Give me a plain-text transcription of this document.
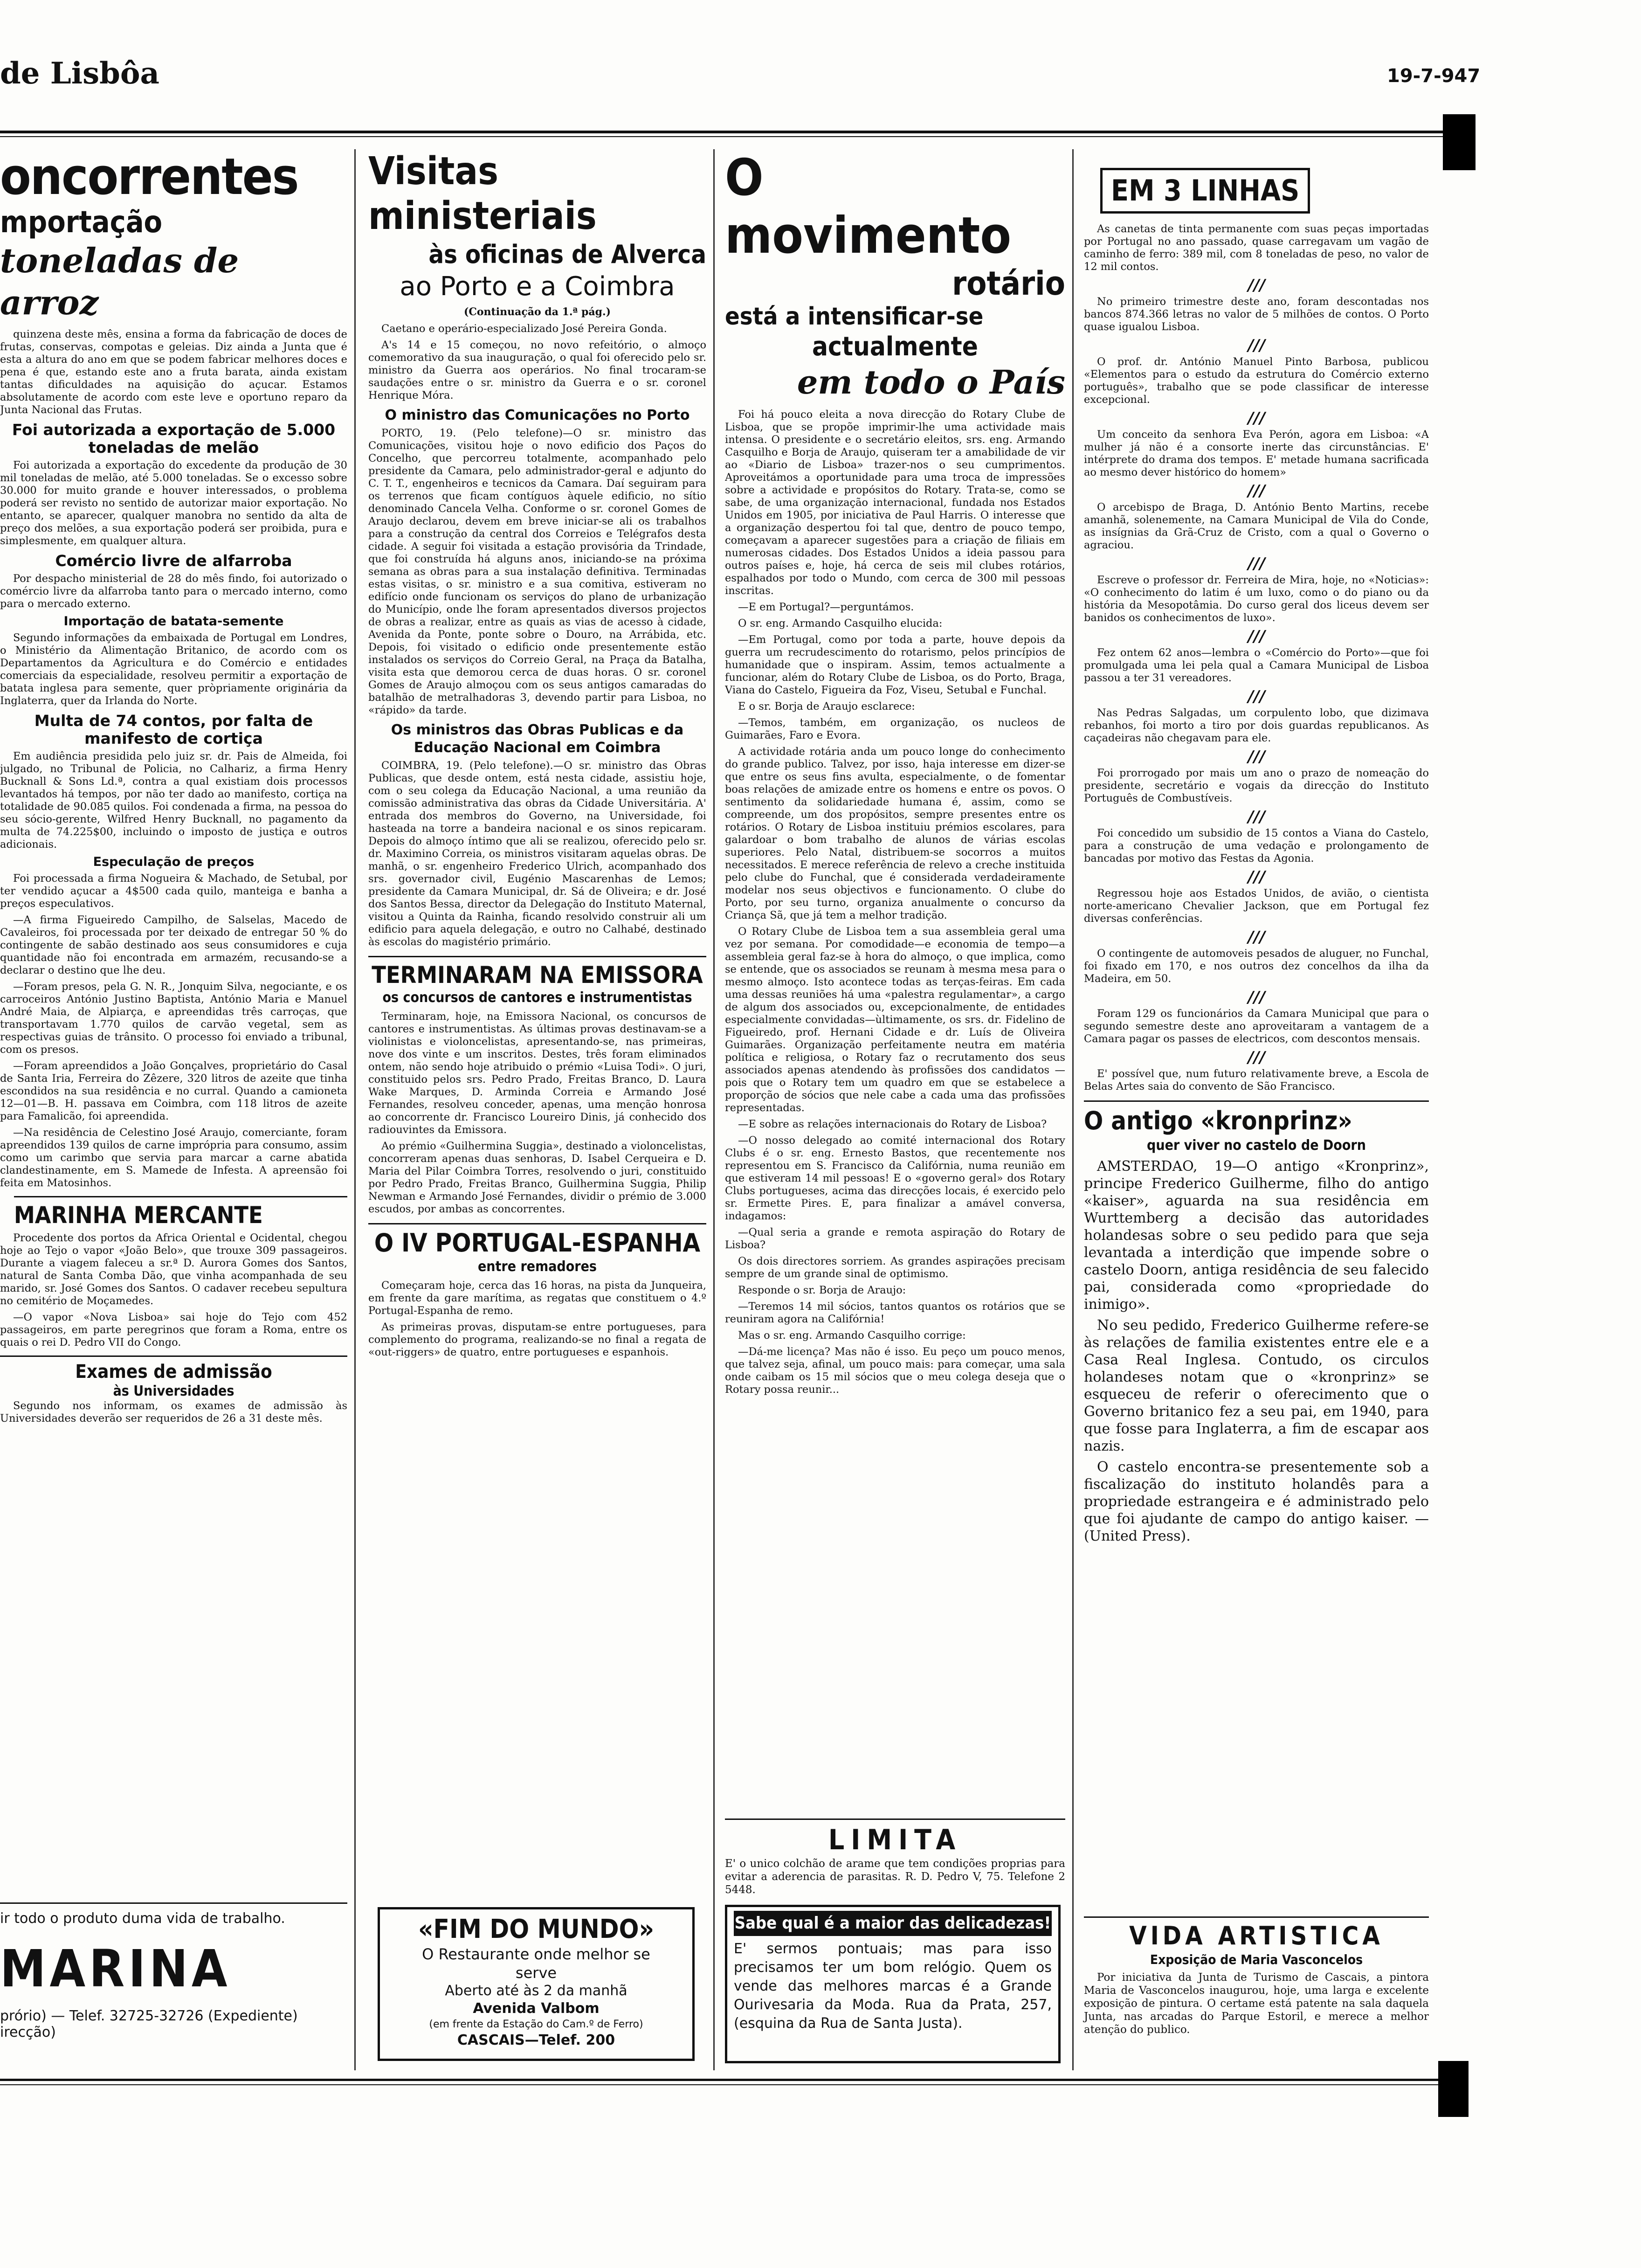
de Lisbôa	19-7-947
oncorrentes
mportação
toneladas de arroz

quinzena deste mês, ensina a forma da fabricação de doces de frutas, conservas, compotas e geleias. Diz ainda a Junta que é esta a altura do ano em que se podem fabricar melhores doces e pena é que, estando este ano a fruta barata, ainda existam tantas dificuldades na aquisição do açucar. Estamos absolutamente de acordo com este leve e oportuno reparo da Junta Nacional das Frutas.

Foi autorizada a exportação de 5.000 toneladas de melão

Foi autorizada a exportação do excedente da produção de 30 mil toneladas de melão, até 5.000 toneladas. Se o excesso sobre 30.000 for muito grande e houver interessados, o problema poderá ser revisto no sentido de autorizar maior exportação. No entanto, se aparecer, qualquer manobra no sentido da alta de preço dos melões, a sua exportação poderá ser proibida, pura e simplesmente, em qualquer altura.

Comércio livre de alfarroba

Por despacho ministerial de 28 do mês findo, foi autorizado o comércio livre da alfarroba tanto para o mercado interno, como para o mercado externo.

Importação de batata-semente

Segundo informações da embaixada de Portugal em Londres, o Ministério da Alimentação Britanico, de acordo com os Departamentos da Agricultura e do Comércio e entidades comerciais da especialidade, resolveu permitir a exportação de batata inglesa para semente, quer pròpriamente originária da Inglaterra, quer da Irlanda do Norte.

Multa de 74 contos, por falta de manifesto de cortiça

Em audiência presidida pelo juiz sr. dr. Pais de Almeida, foi julgado, no Tribunal de Policia, no Calhariz, a firma Henry Bucknall & Sons Ld.ª, contra a qual existiam dois processos levantados há tempos, por não ter dado ao manifesto, cortiça na totalidade de 90.085 quilos. Foi condenada a firma, na pessoa do seu sócio-gerente, Wilfred Henry Bucknall, no pagamento da multa de 74.225$00, incluindo o imposto de justiça e outros adicionais.

Especulação de preços

Foi processada a firma Nogueira & Machado, de Setubal, por ter vendido açucar a 4$500 cada quilo, manteiga e banha a preços especulativos.

—A firma Figueiredo Campilho, de Salselas, Macedo de Cavaleiros, foi processada por ter deixado de entregar 50 % do contingente de sabão destinado aos seus consumidores e cuja quantidade não foi encontrada em armazém, recusando-se a declarar o destino que lhe deu.

—Foram presos, pela G. N. R., Jonquim Silva, negociante, e os carroceiros António Justino Baptista, António Maria e Manuel André Maia, de Alpiarça, e apreendidas três carroças, que transportavam 1.770 quilos de carvão vegetal, sem as respectivas guias de trânsito. O processo foi enviado a tribunal, com os presos.

—Foram apreendidos a João Gonçalves, proprietário do Casal de Santa Iria, Ferreira do Zêzere, 320 litros de azeite que tinha escondidos na sua residência e no curral. Quando a camioneta 12—01—B. H. passava em Coimbra, com 118 litros de azeite para Famalicão, foi apreendida.

—Na residência de Celestino José Araujo, comerciante, foram apreendidos 139 quilos de carne imprópria para consumo, assim como um carimbo que servia para marcar a carne abatida clandestinamente, em S. Mamede de Infesta. A apreensão foi feita em Matosinhos.

MARINHA MERCANTE

Procedente dos portos da Africa Oriental e Ocidental, chegou hoje ao Tejo o vapor «João Belo», que trouxe 309 passageiros. Durante a viagem faleceu a sr.ª D. Aurora Gomes dos Santos, natural de Santa Comba Dão, que vinha acompanhada de seu marido, sr. José Gomes dos Santos. O cadaver recebeu sepultura no cemitério de Moçamedes.

—O vapor «Nova Lisboa» sai hoje do Tejo com 452 passageiros, em parte peregrinos que foram a Roma, entre os quais o rei D. Pedro VII do Congo.

Exames de admissão
às Universidades

Segundo nos informam, os exames de admissão às Universidades deverão ser requeridos de 26 a 31 deste mês.

ir todo o produto duma vida de trabalho.
MARINA
prório) — Telef. 32725-32726 (Expediente)
irecção)
Visitas ministeriais
às oficinas de Alverca
ao Porto e a Coimbra
(Continuação da 1.ª pág.)

Caetano e operário-especializado José Pereira Gonda.

A's 14 e 15 começou, no novo refeitório, o almoço comemorativo da sua inauguração, o qual foi oferecido pelo sr. ministro da Guerra aos operários. No final trocaram-se saudações entre o sr. ministro da Guerra e o sr. coronel Henrique Móra.

O ministro das Comunicações no Porto

PORTO, 19. (Pelo telefone)—O sr. ministro das Comunicações, visitou hoje o novo edificio dos Paços do Concelho, que percorreu totalmente, acompanhado pelo presidente da Camara, pelo administrador-geral e adjunto do C. T. T., engenheiros e tecnicos da Camara. Daí seguiram para os terrenos que ficam contíguos àquele edificio, no sítio denominado Cancela Velha. Conforme o sr. coronel Gomes de Araujo declarou, devem em breve iniciar-se ali os trabalhos para a construção da central dos Correios e Telégrafos desta cidade. A seguir foi visitada a estação provisória da Trindade, que foi construída há alguns anos, iniciando-se na próxima semana as obras para a sua instalação definitiva. Terminadas estas visitas, o sr. ministro e a sua comitiva, estiveram no edifício onde funcionam os serviços do plano de urbanização do Município, onde lhe foram apresentados diversos projectos de obras a realizar, entre as quais as vias de acesso à cidade, Avenida da Ponte, ponte sobre o Douro, na Arrábida, etc. Depois, foi visitado o edificio onde presentemente estão instalados os serviços do Correio Geral, na Praça da Batalha, visita esta que demorou cerca de duas horas. O sr. coronel Gomes de Araujo almoçou com os seus antigos camaradas do batalhão de metralhadoras 3, devendo partir para Lisboa, no «rápido» da tarde.

Os ministros das Obras Publicas e da Educação Nacional em Coimbra

COIMBRA, 19. (Pelo telefone).—O sr. ministro das Obras Publicas, que desde ontem, está nesta cidade, assistiu hoje, com o seu colega da Educação Nacional, a uma reunião da comissão administrativa das obras da Cidade Universitária. A' entrada dos membros do Governo, na Universidade, foi hasteada na torre a bandeira nacional e os sinos repicaram. Depois do almoço íntimo que ali se realizou, oferecido pelo sr. dr. Maximino Correia, os ministros visitaram aquelas obras. De manhã, o sr. engenheiro Frederico Ulrich, acompanhado dos srs. governador civil, Eugénio Mascarenhas de Lemos; presidente da Camara Municipal, dr. Sá de Oliveira; e dr. José dos Santos Bessa, director da Delegação do Instituto Maternal, visitou a Quinta da Rainha, ficando resolvido construir ali um edificio para aquela delegação, e outro no Calhabé, destinado às escolas do magistério primário.

TERMINARAM NA EMISSORA
os concursos de cantores e instrumentistas

Terminaram, hoje, na Emissora Nacional, os concursos de cantores e instrumentistas. As últimas provas destinavam-se a violinistas e violoncelistas, apresentando-se, nas primeiras, nove dos vinte e um inscritos. Destes, três foram eliminados ontem, não sendo hoje atribuido o prémio «Luisa Todi». O juri, constituido pelos srs. Pedro Prado, Freitas Branco, D. Laura Wake Marques, D. Arminda Correia e Armando José Fernandes, resolveu conceder, apenas, uma menção honrosa ao concorrente dr. Francisco Loureiro Dinis, já conhecido dos radiouvintes da Emissora.

Ao prémio «Guilhermina Suggia», destinado a violoncelistas, concorreram apenas duas senhoras, D. Isabel Cerqueira e D. Maria del Pilar Coimbra Torres, resolvendo o juri, constituido por Pedro Prado, Freitas Branco, Guilhermina Suggia, Philip Newman e Armando José Fernandes, dividir o prémio de 3.000 escudos, por ambas as concorrentes.

O IV PORTUGAL-ESPANHA
entre remadores

Começaram hoje, cerca das 16 horas, na pista da Junqueira, em frente da gare marítima, as regatas que constituem o 4.º Portugal-Espanha de remo.

As primeiras provas, disputam-se entre portugueses, para complemento do programa, realizando-se no final a regata de «out-riggers» de quatro, entre portugueses e espanhois.

«FIM DO MUNDO»
O Restaurante onde melhor se
serve
Aberto até às 2 da manhã
Avenida Valbom
(em frente da Estação do Cam.º de Ferro)
CASCAIS—Telef. 200
O movimento
rotário
está a intensificar-se
actualmente
em todo o País

Foi há pouco eleita a nova direcção do Rotary Clube de Lisboa, que se propõe imprimir-lhe uma actividade mais intensa. O presidente e o secretário eleitos, srs. eng. Armando Casquilho e Borja de Araujo, quiseram ter a amabilidade de vir ao «Diario de Lisboa» trazer-nos o seu cumprimentos. Aproveitámos a oportunidade para uma troca de impressões sobre a actividade e propósitos do Rotary. Trata-se, como se sabe, de uma organização internacional, fundada nos Estados Unidos em 1905, por iniciativa de Paul Harris. O interesse que a organização despertou foi tal que, dentro de pouco tempo, começavam a aparecer sugestões para a criação de filiais em numerosas cidades. Dos Estados Unidos a ideia passou para outros países e, hoje, há cerca de seis mil clubes rotários, espalhados por todo o Mundo, com cerca de 300 mil pessoas inscritas.

—E em Portugal?—perguntámos.

O sr. eng. Armando Casquilho elucida:

—Em Portugal, como por toda a parte, houve depois da guerra um recrudescimento do rotarismo, pelos princípios de humanidade que o inspiram. Assim, temos actualmente a funcionar, além do Rotary Clube de Lisboa, os do Porto, Braga, Viana do Castelo, Figueira da Foz, Viseu, Setubal e Funchal.

E o sr. Borja de Araujo esclarece:

—Temos, também, em organização, os nucleos de Guimarães, Faro e Evora.

A actividade rotária anda um pouco longe do conhecimento do grande publico. Talvez, por isso, haja interesse em dizer-se que entre os seus fins avulta, especialmente, o de fomentar boas relações de amizade entre os homens e entre os povos. O sentimento da solidariedade humana é, assim, como se compreende, um dos propósitos, sempre presentes entre os rotários. O Rotary de Lisboa instituiu prémios escolares, para galardoar o bom trabalho de alunos de várias escolas superiores. Pelo Natal, distribuem-se socorros a muitos necessitados. E merece referência de relevo a creche instituida pelo clube do Funchal, que é considerada verdadeiramente modelar nos seus objectivos e funcionamento. O clube do Porto, por seu turno, organiza anualmente o concurso da Criança Sã, que já tem a melhor tradição.

O Rotary Clube de Lisboa tem a sua assembleia geral uma vez por semana. Por comodidade—e economia de tempo—a assembleia geral faz-se à hora do almoço, o que implica, como se entende, que os associados se reunam à mesma mesa para o mesmo almoço. Isto acontece todas as terças-feiras. Em cada uma dessas reuniões há uma «palestra regulamentar», a cargo de algum dos associados ou, excepcionalmente, de entidades especialmente convidadas—ùltimamente, os srs. dr. Fidelino de Figueiredo, prof. Hernani Cidade e dr. Luís de Oliveira Guimarães. Organização perfeitamente neutra em matéria política e religiosa, o Rotary faz o recrutamento dos seus associados apenas atendendo às profissões dos candidatos —pois que o Rotary tem um quadro em que se estabelece a proporção de sócios que nele cabe a cada uma das profissões representadas.

—E sobre as relações internacionais do Rotary de Lisboa?

—O nosso delegado ao comité internacional dos Rotary Clubs é o sr. eng. Ernesto Bastos, que recentemente nos representou em S. Francisco da Califórnia, numa reunião em que estiveram 14 mil pessoas! E o «governo geral» dos Rotary Clubs portugueses, acima das direcções locais, é exercido pelo sr. Ermette Pires. E, para finalizar a amável conversa, indagamos:

—Qual seria a grande e remota aspiração do Rotary de Lisboa?

Os dois directores sorriem. As grandes aspirações precisam sempre de um grande sinal de optimismo.

Responde o sr. Borja de Araujo:

—Teremos 14 mil sócios, tantos quantos os rotários que se reuniram agora na Califórnia!

Mas o sr. eng. Armando Casquilho corrige:

—Dá-me licença? Mas não é isso. Eu peço um pouco menos, que talvez seja, afinal, um pouco mais: para começar, uma sala onde caibam os 15 mil sócios que o meu colega deseja que o Rotary possa reunir...

LIMITA
E' o unico colchão de arame que tem condições proprias para evitar a aderencia de parasitas. R. D. Pedro V, 75. Telefone 2 5448.
Sabe qual é a maior das delicadezas!
E' sermos pontuais; mas para isso precisamos ter um bom relógio. Quem os vende das melhores marcas é a Grande Ourivesaria da Moda. Rua da Prata, 257, (esquina da Rua de Santa Justa).
EM 3 LINHAS

As canetas de tinta permanente com suas peças importadas por Portugal no ano passado, quase carregavam um vagão de caminho de ferro: 389 mil, com 8 toneladas de peso, no valor de 12 mil contos.

///

No primeiro trimestre deste ano, foram descontadas nos bancos 874.366 letras no valor de 5 milhões de contos. O Porto quase igualou Lisboa.

///

O prof. dr. António Manuel Pinto Barbosa, publicou «Elementos para o estudo da estrutura do Comércio externo português», trabalho que se pode classificar de interesse excepcional.

///

Um conceito da senhora Eva Perón, agora em Lisboa: «A mulher já não é a consorte inerte das circunstâncias. E' intérprete do drama dos tempos. E' metade humana sacrificada ao mesmo dever histórico do homem»

///

O arcebispo de Braga, D. António Bento Martins, recebe amanhã, solenemente, na Camara Municipal de Vila do Conde, as insígnias da Grã-Cruz de Cristo, com a qual o Governo o agraciou.

///

Escreve o professor dr. Ferreira de Mira, hoje, no «Noticias»: «O conhecimento do latim é um luxo, como o do piano ou da história da Mesopotâmia. Do curso geral dos liceus devem ser banidos os conhecimentos de luxo».

///

Fez ontem 62 anos—lembra o «Comércio do Porto»—que foi promulgada uma lei pela qual a Camara Municipal de Lisboa passou a ter 31 vereadores.

///

Nas Pedras Salgadas, um corpulento lobo, que dizimava rebanhos, foi morto a tiro por dois guardas republicanos. As caçadeiras não chegavam para ele.

///

Foi prorrogado por mais um ano o prazo de nomeação do presidente, secretário e vogais da direcção do Instituto Português de Combustíveis.

///

Foi concedido um subsidio de 15 contos a Viana do Castelo, para a construção de uma vedação e prolongamento de bancadas por motivo das Festas da Agonia.

///

Regressou hoje aos Estados Unidos, de avião, o cientista norte-americano Chevalier Jackson, que em Portugal fez diversas conferências.

///

O contingente de automoveis pesados de aluguer, no Funchal, foi fixado em 170, e nos outros dez concelhos da ilha da Madeira, em 50.

///

Foram 129 os funcionários da Camara Municipal que para o segundo semestre deste ano aproveitaram a vantagem de a Camara pagar os passes de electricos, com descontos mensais.

///

E' possível que, num futuro relativamente breve, a Escola de Belas Artes saia do convento de São Francisco.

O antigo «kronprinz»
quer viver no castelo de Doorn

AMSTERDAO, 19—O antigo «Kronprinz», principe Frederico Guilherme, filho do antigo «kaiser», aguarda na sua residência em Wurttemberg a decisão das autoridades holandesas sobre o seu pedido para que seja levantada a interdição que impende sobre o castelo Doorn, antiga residência de seu falecido pai, considerada como «propriedade do inimigo».

No seu pedido, Frederico Guilherme refere-se às relações de familia existentes entre ele e a Casa Real Inglesa. Contudo, os circulos holandeses notam que o «kronprinz» se esqueceu de referir o oferecimento que o Governo britanico fez a seu pai, em 1940, para que fosse para Inglaterra, a fim de escapar aos nazis.

O castelo encontra-se presentemente sob a fiscalização do instituto holandês para a propriedade estrangeira e é administrado pelo que foi ajudante de campo do antigo kaiser. — (United Press).

VIDA ARTISTICA
Exposição de Maria Vasconcelos
Por iniciativa da Junta de Turismo de Cascais, a pintora Maria de Vasconcelos inaugurou, hoje, uma larga e excelente exposição de pintura. O certame está patente na sala daquela Junta, nas arcadas do Parque Estoril, e merece a melhor atenção do publico.
